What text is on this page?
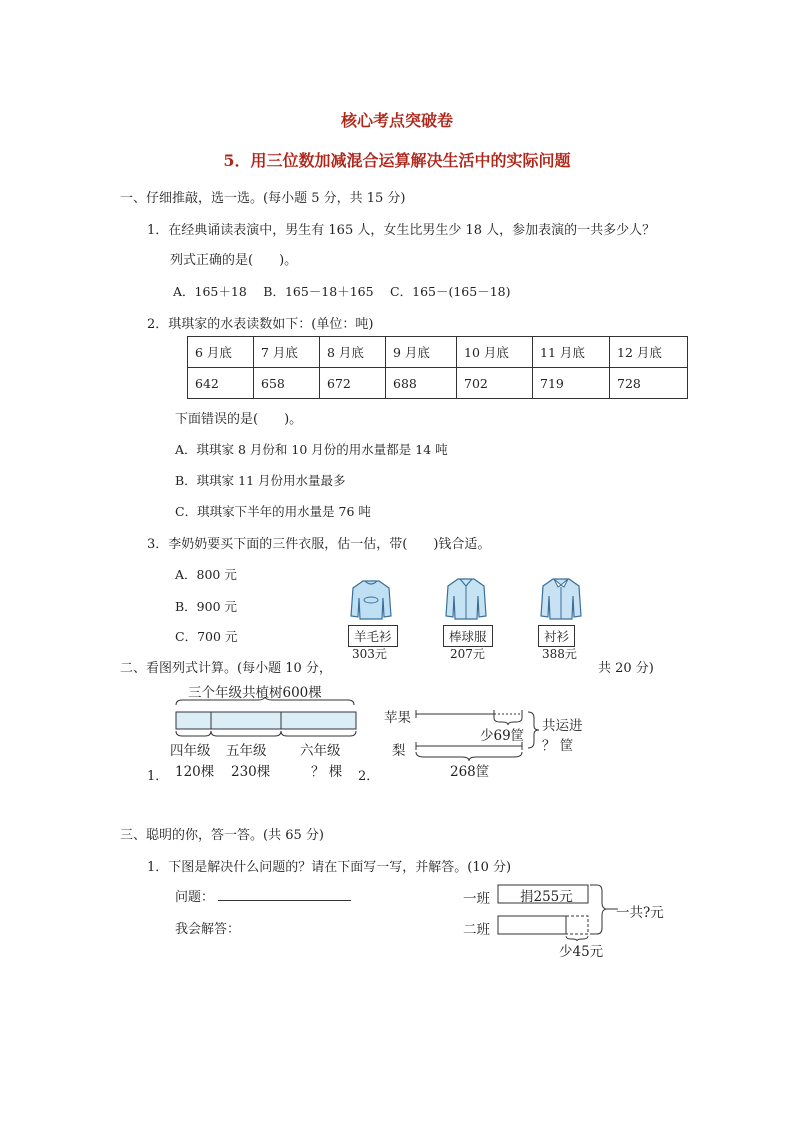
核心考点突破卷
5．用三位数加减混合运算解决生活中的实际问题
一、仔细推敲，选一选。(每小题 5 分，共 15 分)
1．在经典诵读表演中，男生有 165 人，女生比男生少 18 人，参加表演的一共多少人？
列式正确的是(　　)。
A．165＋18　 B．165－18＋165　 C．165－(165－18)
2．琪琪家的水表读数如下：(单位：吨)
6 月底	7 月底	8 月底	9 月底	10 月底	11 月底	12 月底
642	658	672	688	702	719	728
下面错误的是(　　)。
A．琪琪家 8 月份和 10 月份的用水量都是 14 吨
B．琪琪家 11 月份用水量最多
C．琪琪家下半年的用水量是 76 吨
3．李奶奶要买下面的三件衣服，估一估，带(　　)钱合适。
A．800 元
B．900 元
C．700 元	羊毛衫
303元
棒球服
207元
衬衫
388元
二、看图列式计算。(每小题 10 分，	共 20 分)
三个年级共植树600棵
四年级 五年级 六年级
1． 120棵 230棵	？ 棵 2．
苹果
梨
少69筐
共运进
？ 筐
268筐
三、聪明的你，答一答。(共 65 分)
1．下图是解决什么问题的？请在下面写一写，并解答。(10 分)
问题：
我会解答：
一班
二班
捐255元
少45元
一共?元
